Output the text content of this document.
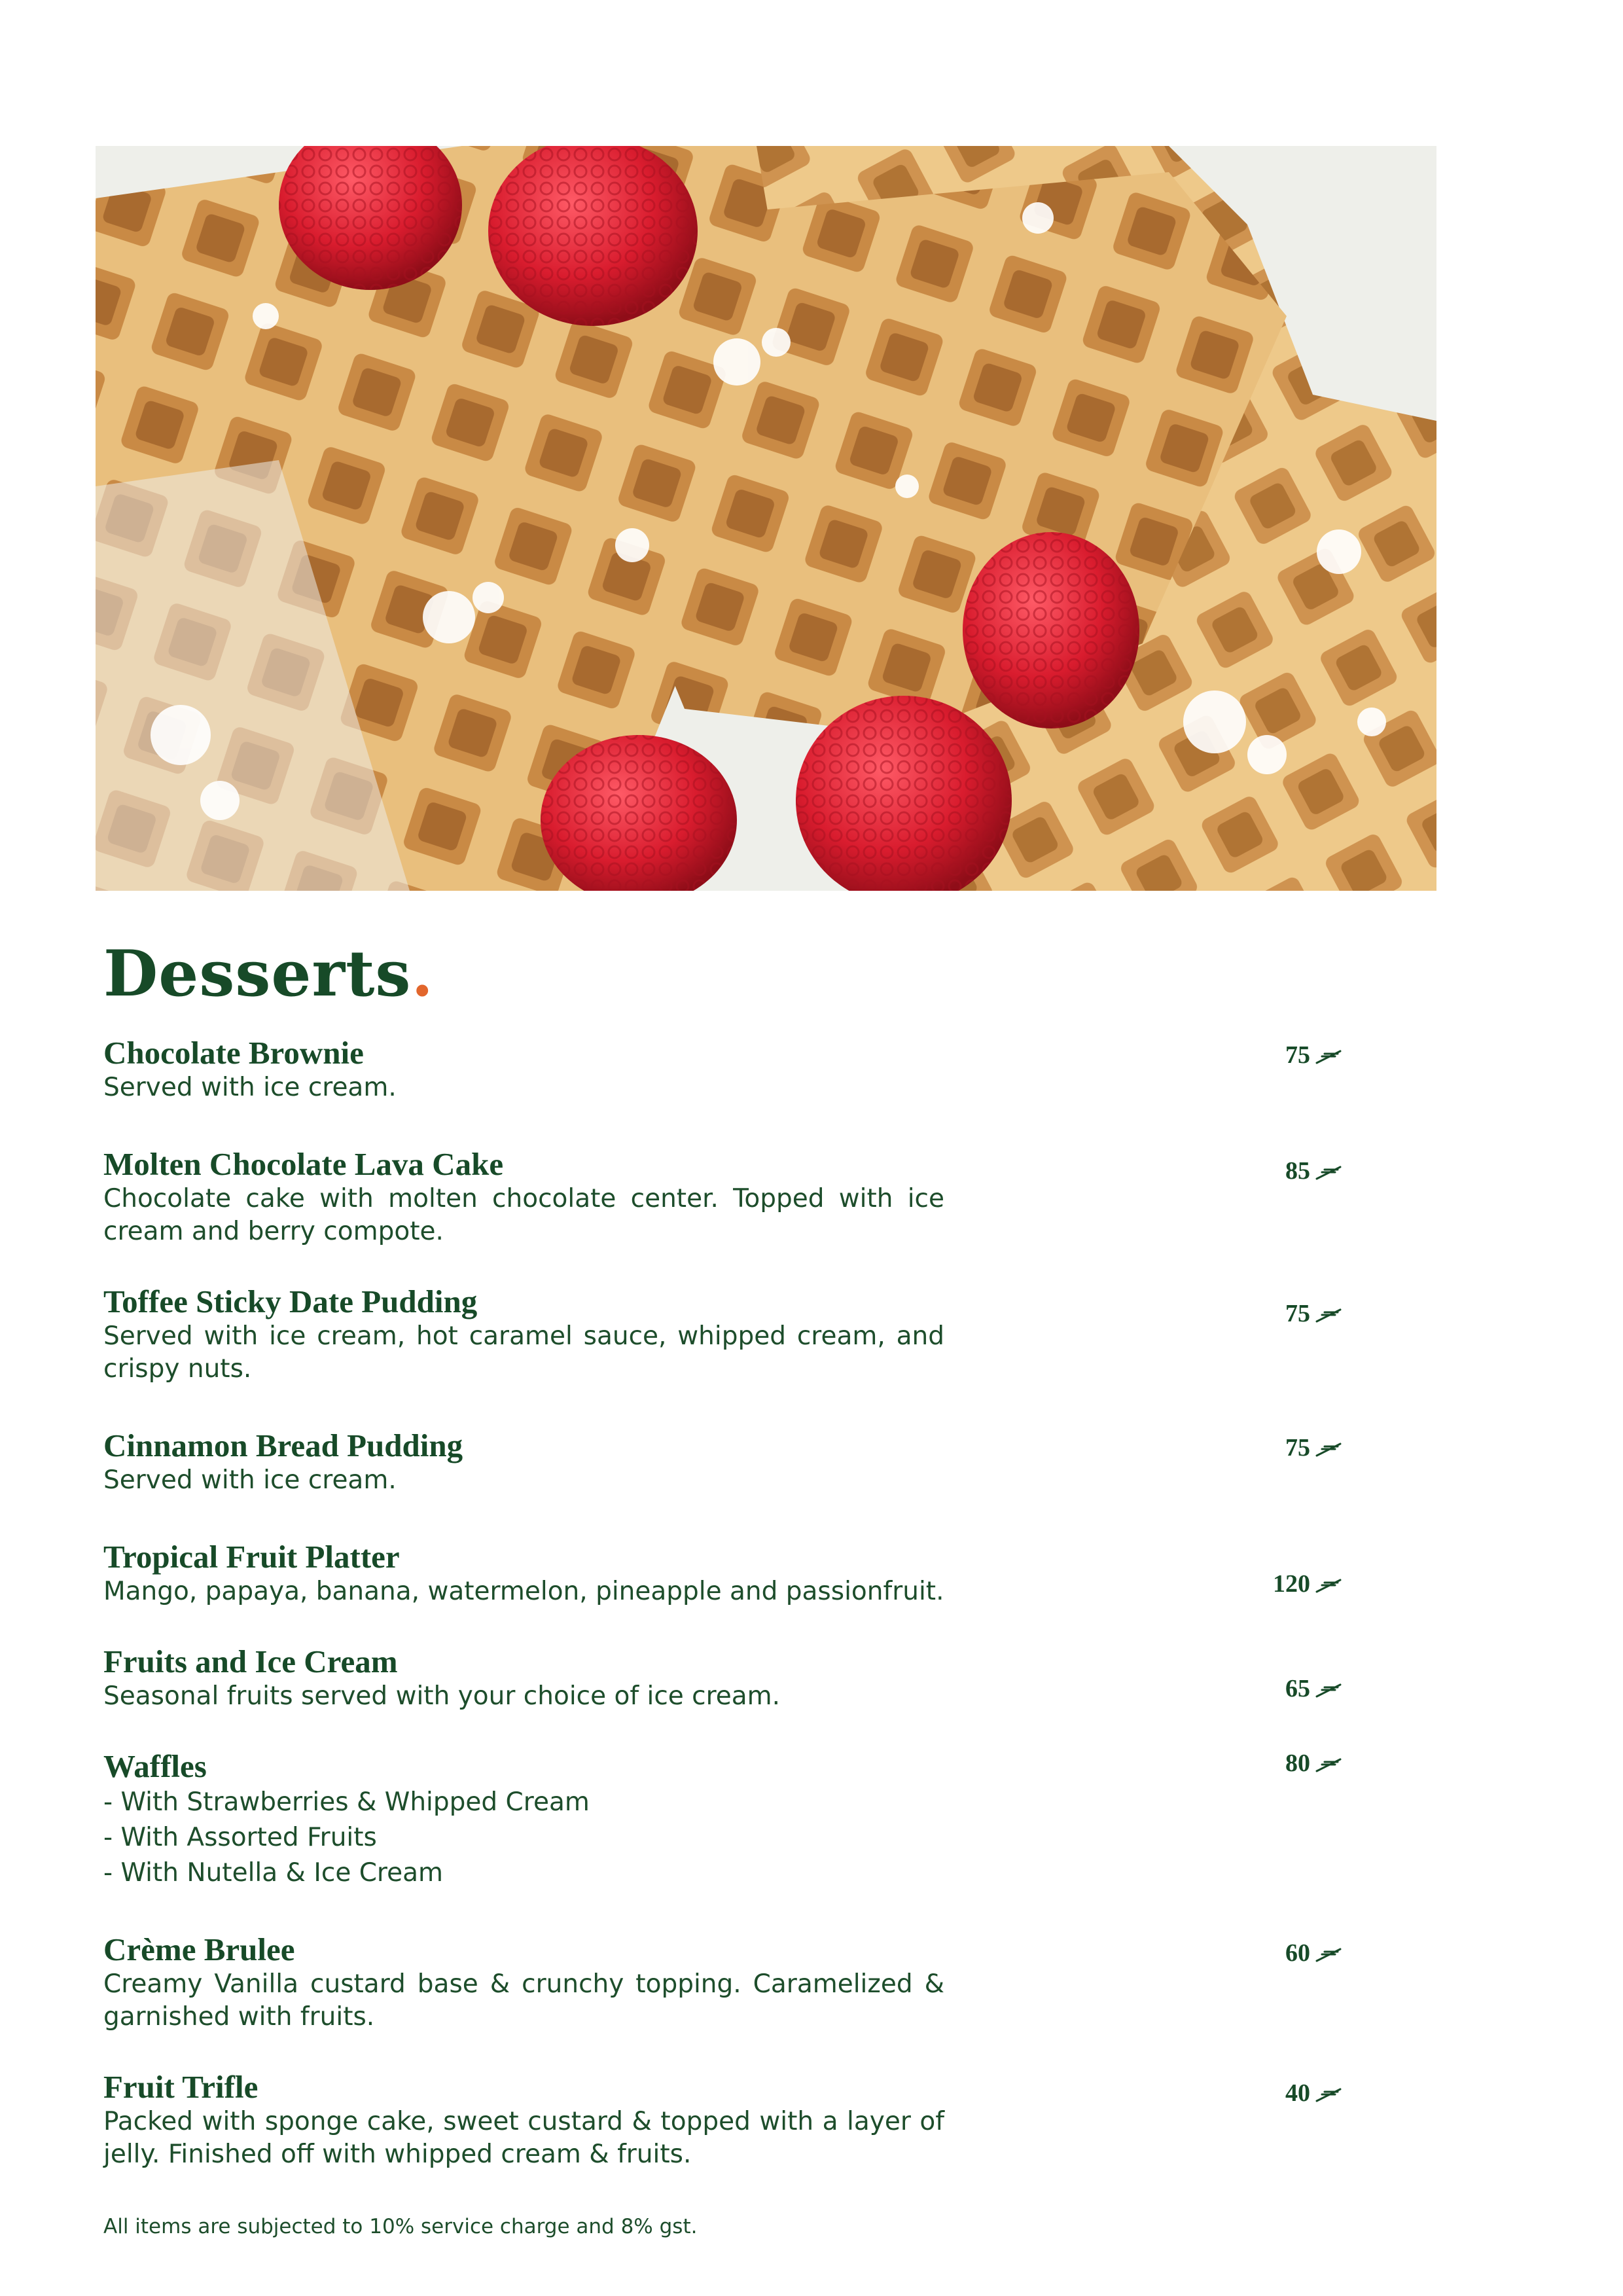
Desserts.
Chocolate Brownie
Served with ice cream.
75
Molten Chocolate Lava Cake
Chocolate cake with molten chocolate center. Topped with ice cream and berry compote.
85
Toffee Sticky Date Pudding
Served with ice cream, hot caramel sauce, whipped cream, and crispy nuts.
75
Cinnamon Bread Pudding
Served with ice cream.
75
Tropical Fruit Platter
Mango, papaya, banana, watermelon, pineapple and passionfruit.	120
Fruits and Ice Cream
Seasonal fruits served with your choice of ice cream.	65
Waffles
- With Strawberries & Whipped Cream
- With Assorted Fruits
- With Nutella & Ice Cream
80
Crème Brulee
Creamy Vanilla custard base & crunchy topping. Caramelized & garnished with fruits.
60
Fruit Trifle
Packed with sponge cake, sweet custard & topped with a layer of jelly. Finished off with whipped cream & fruits.
40
All items are subjected to 10% service charge and 8% gst.
